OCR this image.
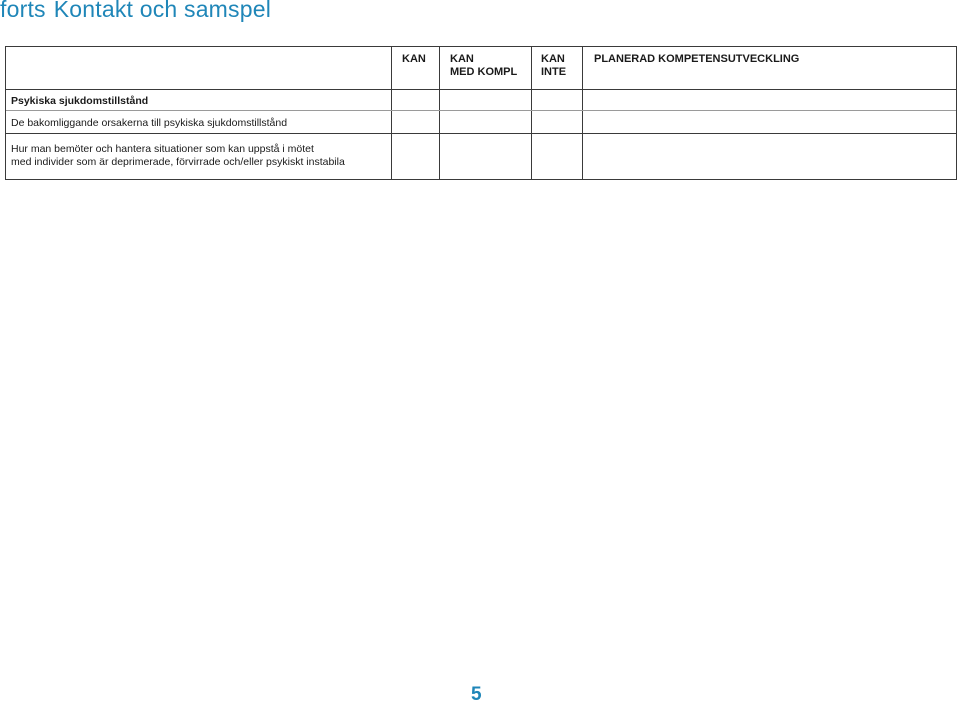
forts Kontakt och samspel
KAN KAN
MED KOMPL
KAN
INTE
PLANERAD KOMPETENSUTVECKLING
Psykiska sjukdomstillstånd
De bakomliggande orsakerna till psykiska sjukdomstillstånd
Hur man bemöter och hantera situationer som kan uppstå i mötet
med individer som är deprimerade, förvirrade och/eller psykiskt instabila
5
